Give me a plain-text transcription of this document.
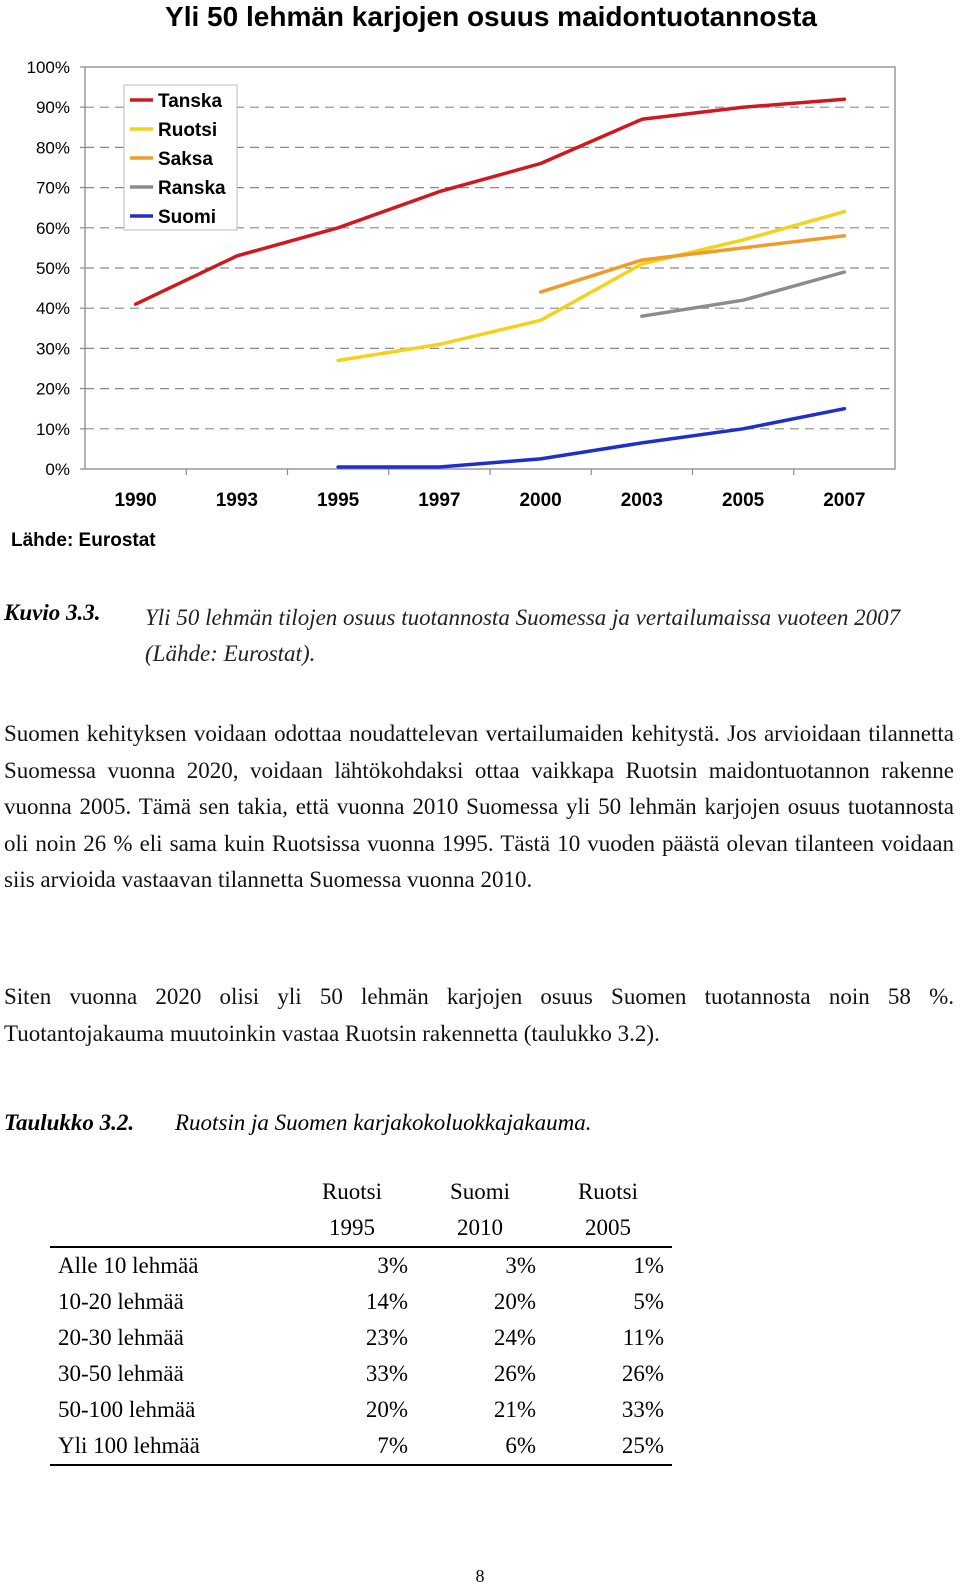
Yli 50 lehmän karjojen osuus maidontuotannosta
0%
10%
20%
30%
40%
50%
60%
70%
80%
90%
100%
1990	1993	1995	1997	2000	2003	2005	2007
Tanska
Ruotsi
Saksa
Ranska
Suomi
Lähde: Eurostat
Kuvio 3.3. Yli 50 lehmän tilojen osuus tuotannosta Suomessa ja vertailumaissa vuoteen 2007 (Lähde: Eurostat).
Suomen kehityksen voidaan odottaa noudattelevan vertailumaiden kehitystä. Jos arvioidaan tilannetta Suomessa vuonna 2020, voidaan lähtökohdaksi ottaa vaikkapa Ruotsin maidontuotannon rakenne vuonna 2005. Tämä sen takia, että vuonna 2010 Suomessa yli 50 lehmän karjojen osuus tuotannosta oli noin 26 % eli sama kuin Ruotsissa vuonna 1995. Tästä 10 vuoden päästä olevan tilanteen voidaan siis arvioida vastaavan tilannetta Suomessa vuonna 2010.
Siten vuonna 2020 olisi yli 50 lehmän karjojen osuus Suomen tuotannosta noin 58 %. Tuotantojakauma muutoinkin vastaa Ruotsin rakennetta (taulukko 3.2).
Taulukko 3.2. Ruotsin ja Suomen karjakokoluokkajakauma.
	Ruotsi	Suomi	Ruotsi
	1995	2010	2005
Alle 10 lehmää	3%	3%	1%
10-20 lehmää	14%	20%	5%
20-30 lehmää	23%	24%	11%
30-50 lehmää	33%	26%	26%
50-100 lehmää	20%	21%	33%
Yli 100 lehmää	7%	6%	25%
8
